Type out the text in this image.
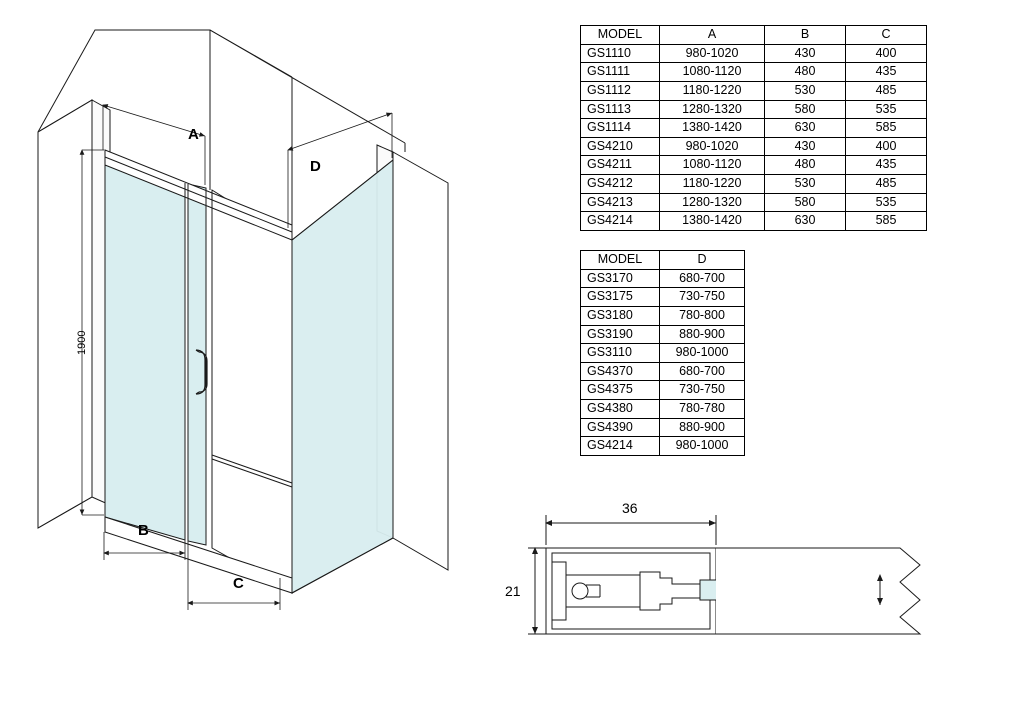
A
D
B
C
1900
36
21
MODEL	A	B	C
GS1110	980-1020	430	400
GS1111	1080-1120	480	435
GS1112	1180-1220	530	485
GS1113	1280-1320	580	535
GS1114	1380-1420	630	585
GS4210	980-1020	430	400
GS4211	1080-1120	480	435
GS4212	1180-1220	530	485
GS4213	1280-1320	580	535
GS4214	1380-1420	630	585
MODEL	D
GS3170	680-700
GS3175	730-750
GS3180	780-800
GS3190	880-900
GS3110	980-1000
GS4370	680-700
GS4375	730-750
GS4380	780-780
GS4390	880-900
GS4214	980-1000
